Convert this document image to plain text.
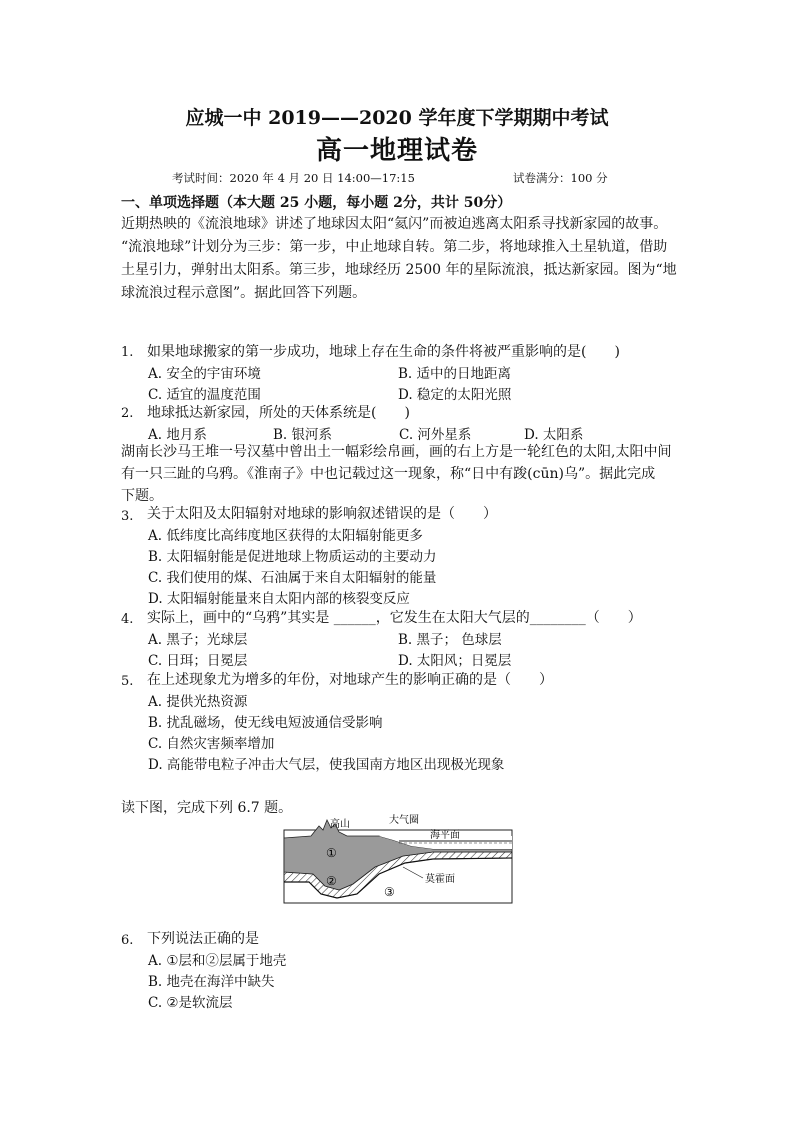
应城一中 2019——2020 学年度下学期期中考试
高一地理试卷
考试时间：2020 年 4 月 20 日 14:00—17:15	试卷满分：100 分
一、单项选择题（本大题 25 小题，每小题 2分，共计 50分）
近期热映的《流浪地球》讲述了地球因太阳“氦闪”而被迫逃离太阳系寻找新家园的故事。
“流浪地球”计划分为三步：第一步，中止地球自转。第二步，将地球推入土星轨道，借助
土星引力，弹射出太阳系。第三步，地球经历 2500 年的星际流浪，抵达新家园。图为“地
球流浪过程示意图”。据此回答下列题。
1. 如果地球搬家的第一步成功，地球上存在生命的条件将被严重影响的是(　　)
A. 安全的宇宙环境	B. 适中的日地距离
C. 适宜的温度范围	D. 稳定的太阳光照
2. 地球抵达新家园，所处的天体系统是(　　)
A. 地月系	B. 银河系	C. 河外星系	D. 太阳系
湖南长沙马王堆一号汉墓中曾出土一幅彩绘帛画，画的右上方是一轮红色的太阳,太阳中间
有一只三趾的乌鸦。《淮南子》中也记载过这一现象，称“日中有踆(cūn)乌”。据此完成
下题。
3. 关于太阳及太阳辐射对地球的影响叙述错误的是（　　）
A. 低纬度比高纬度地区获得的太阳辐射能更多
B. 太阳辐射能是促进地球上物质运动的主要动力
C. 我们使用的煤、石油属于来自太阳辐射的能量
D. 太阳辐射能量来自太阳内部的核裂变反应
4. 实际上，画中的“乌鸦”其实是 ______，它发生在太阳大气层的________（　　）
A. 黑子；光球层	B. 黑子； 色球层
C. 日珥；日冕层	D. 太阳风；日冕层
5. 在上述现象尤为增多的年份，对地球产生的影响正确的是（　　）
A. 提供光热资源
B. 扰乱磁场，使无线电短波通信受影响
C. 自然灾害频率增加
D. 高能带电粒子冲击大气层，使我国南方地区出现极光现象
读下图，完成下列 6.7 题。
高山	大气圈
海平面
莫霍面
①
②
③
6. 下列说法正确的是
A. ①层和②层属于地壳
B. 地壳在海洋中缺失
C. ②是软流层
